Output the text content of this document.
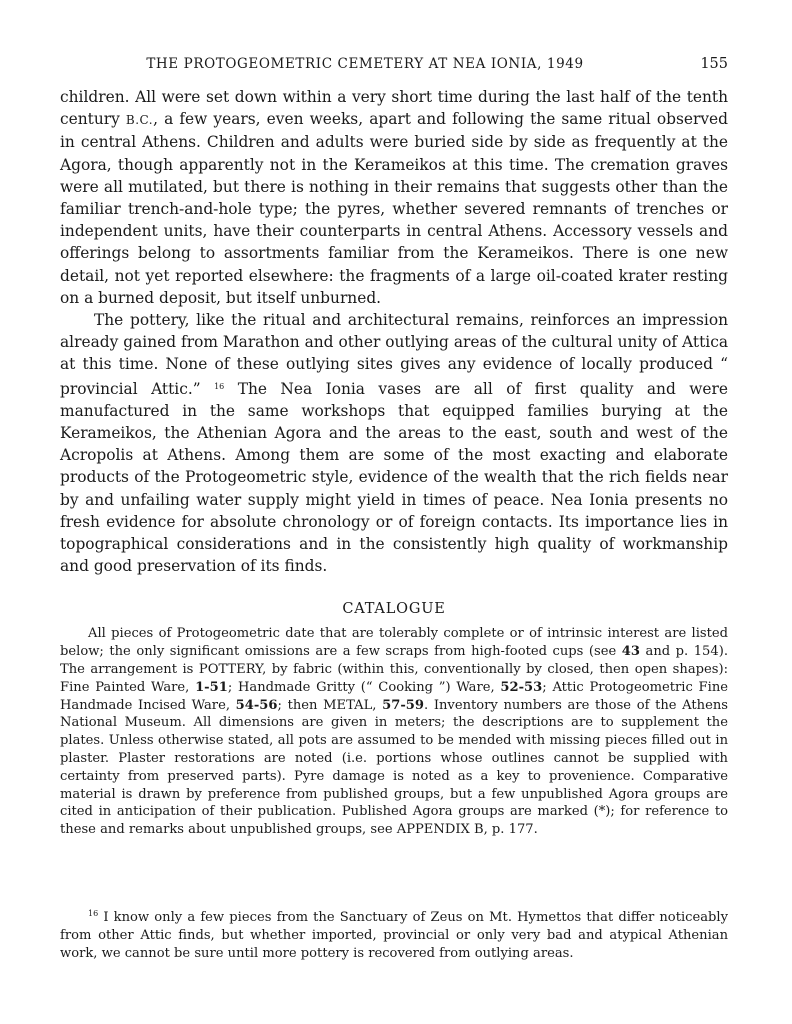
THE PROTOGEOMETRIC CEMETERY AT NEA IONIA, 1949	155

children. All were set down within a very short time during the last half of the tenth century B.C., a few years, even weeks, apart and following the same ritual observed in central Athens. Children and adults were buried side by side as frequently at the Agora, though apparently not in the Kerameikos at this time. The cremation graves were all mutilated, but there is nothing in their remains that suggests other than the familiar trench-and-hole type; the pyres, whether severed remnants of trenches or independent units, have their counterparts in central Athens. Accessory vessels and offerings belong to assortments familiar from the Kerameikos. There is one new detail, not yet reported elsewhere: the fragments of a large oil-coated krater resting on a burned deposit, but itself unburned.

The pottery, like the ritual and architectural remains, reinforces an impression already gained from Marathon and other outlying areas of the cultural unity of Attica at this time. None of these outlying sites gives any evidence of locally produced “ provincial Attic.” $^{16}$ The Nea Ionia vases are all of first quality and were manufactured in the same workshops that equipped families burying at the Kerameikos, the Athenian Agora and the areas to the east, south and west of the Acropolis at Athens. Among them are some of the most exacting and elaborate products of the Protogeometric style, evidence of the wealth that the rich fields near by and unfailing water supply might yield in times of peace. Nea Ionia presents no fresh evidence for absolute chronology or of foreign contacts. Its importance lies in topographical considerations and in the consistently high quality of workmanship and good preservation of its finds.

CATALOGUE

All pieces of Protogeometric date that are tolerably complete or of intrinsic interest are listed below; the only significant omissions are a few scraps from high-footed cups (see 43 and p. 154). The arrangement is POTTERY, by fabric (within this, conventionally by closed, then open shapes): Fine Painted Ware, 1-51; Handmade Gritty (“ Cooking ”) Ware, 52-53; Attic Protogeometric Fine Handmade Incised Ware, 54-56; then METAL, 57-59. Inventory numbers are those of the Athens National Museum. All dimensions are given in meters; the descriptions are to supplement the plates. Unless otherwise stated, all pots are assumed to be mended with missing pieces filled out in plaster. Plaster restorations are noted (i.e. portions whose outlines cannot be supplied with certainty from preserved parts). Pyre damage is noted as a key to provenience. Comparative material is drawn by preference from published groups, but a few unpublished Agora groups are cited in anticipation of their publication. Published Agora groups are marked (*); for reference to these and remarks about unpublished groups, see APPENDIX B, p. 177.

$^{16}$ I know only a few pieces from the Sanctuary of Zeus on Mt. Hymettos that differ noticeably from other Attic finds, but whether imported, provincial or only very bad and atypical Athenian work, we cannot be sure until more pottery is recovered from outlying areas.
